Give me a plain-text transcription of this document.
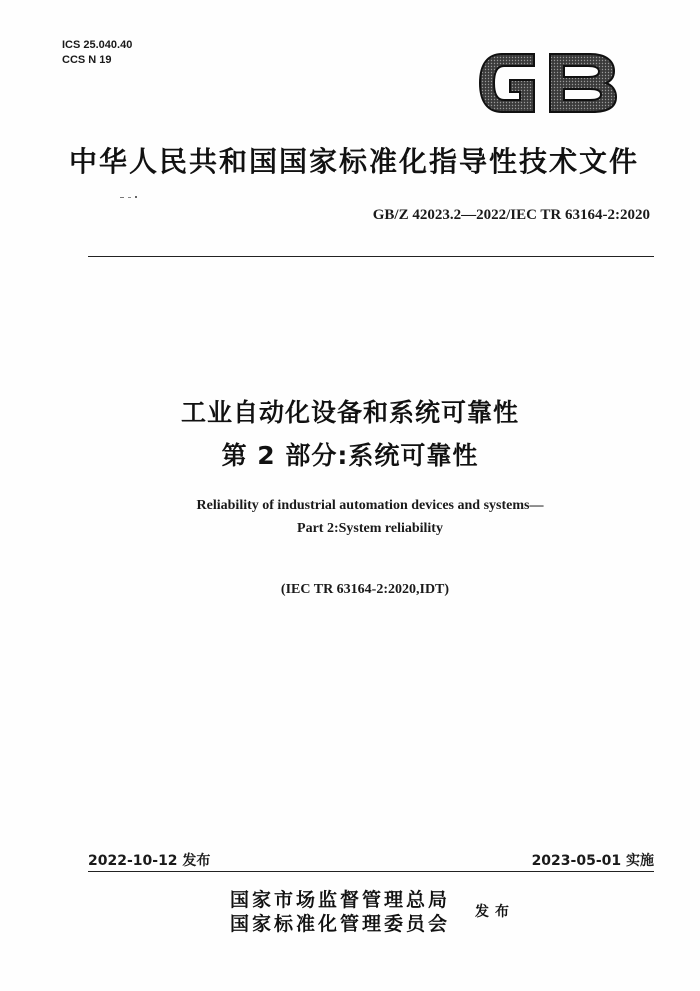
ICS 25.040.40
CCS N 19
中华人民共和国国家标准化指导性技术文件
GB/Z 42023.2—2022/IEC TR 63164-2:2020
工业自动化设备和系统可靠性
第 2 部分:系统可靠性
Reliability of industrial automation devices and systems—
Part 2:System reliability
(IEC TR 63164-2:2020,IDT)
2022-10-12 发布	2023-05-01 实施
国家市场监督管理总局
国家标准化管理委员会
发布
